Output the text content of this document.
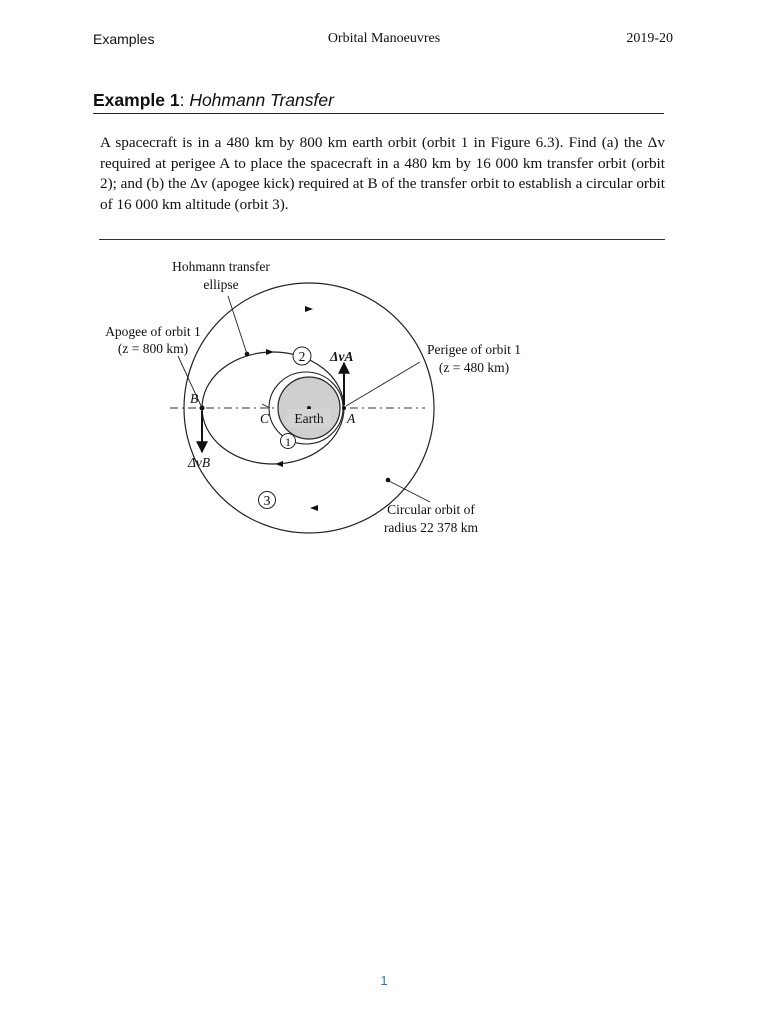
Examples	Orbital Manoeuvres	2019-20
Example 1: Hohmann Transfer

A spacecraft is in a 480 km by 800 km earth orbit (orbit 1 in Figure 6.3). Find (a) the Δv required at perigee A to place the spacecraft in a 480 km by 16 000 km transfer orbit (orbit 2); and (b) the Δv (apogee kick) required at B of the transfer orbit to establish a circular orbit of 16 000 km altitude (orbit 3).

2
1
3
Hohmann transfer
ellipse
Apogee of orbit 1
(z = 800 km)	Perigee of orbit 1
(z = 480 km)
Circular orbit of
radius 22 378 km
Earth
B
C	A
ΔvA
ΔvB
1
